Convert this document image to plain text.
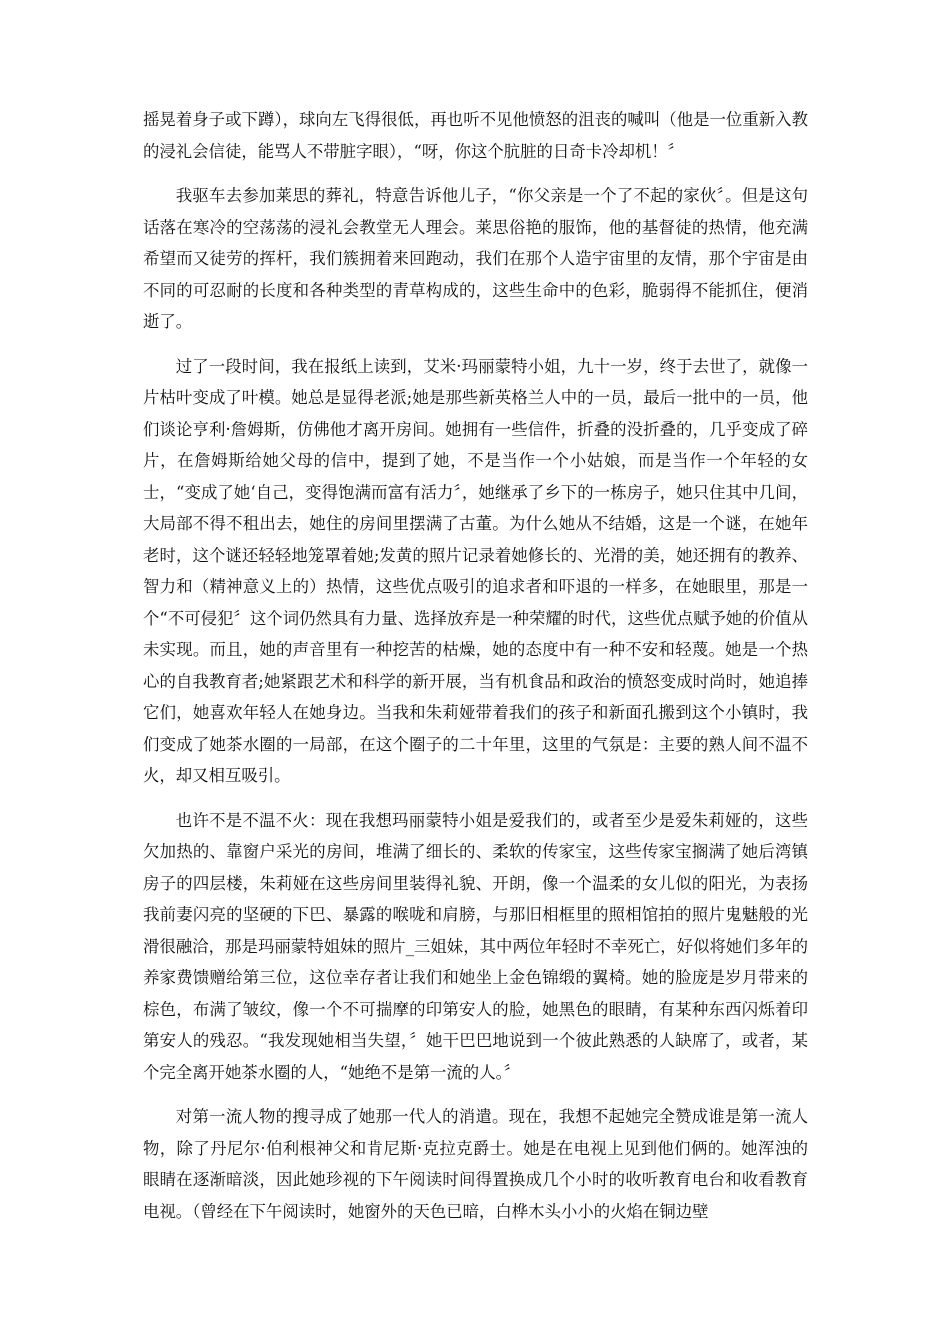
摇晃着身子或下蹲），球向左飞得很低，再也听不见他愤怒的沮丧的喊叫（他是一位重新入教的浸礼会信徒，能骂人不带脏字眼），“呀，你这个肮脏的日奇卡冷却机！〞

我驱车去参加莱思的葬礼，特意告诉他儿子，“你父亲是一个了不起的家伙〞。但是这句话落在寒冷的空荡荡的浸礼会教堂无人理会。莱思俗艳的服饰，他的基督徒的热情，他充满希望而又徒劳的挥杆，我们簇拥着来回跑动，我们在那个人造宇宙里的友情，那个宇宙是由不同的可忍耐的长度和各种类型的青草构成的，这些生命中的色彩，脆弱得不能抓住，便消逝了。

过了一段时间，我在报纸上读到，艾米·玛丽蒙特小姐，九十一岁，终于去世了，就像一片枯叶变成了叶模。她总是显得老派;她是那些新英格兰人中的一员，最后一批中的一员，他们谈论亨利·詹姆斯，仿佛他才离开房间。她拥有一些信件，折叠的没折叠的，几乎变成了碎片，在詹姆斯给她父母的信中，提到了她，不是当作一个小姑娘，而是当作一个年轻的女士，“变成了她‘自己，变得饱满而富有活力〞，她继承了乡下的一栋房子，她只住其中几间，大局部不得不租出去，她住的房间里摆满了古董。为什么她从不结婚，这是一个谜，在她年老时，这个谜还轻轻地笼罩着她;发黄的照片记录着她修长的、光滑的美，她还拥有的教养、智力和（精神意义上的）热情，这些优点吸引的追求者和吓退的一样多，在她眼里，那是一个“不可侵犯〞这个词仍然具有力量、选择放弃是一种荣耀的时代，这些优点赋予她的价值从未实现。而且，她的声音里有一种挖苦的枯燥，她的态度中有一种不安和轻蔑。她是一个热心的自我教育者;她紧跟艺术和科学的新开展，当有机食品和政治的愤怒变成时尚时，她追捧它们，她喜欢年轻人在她身边。当我和朱莉娅带着我们的孩子和新面孔搬到这个小镇时，我们变成了她茶水圈的一局部，在这个圈子的二十年里，这里的气氛是：主要的熟人间不温不火，却又相互吸引。

也许不是不温不火：现在我想玛丽蒙特小姐是爱我们的，或者至少是爱朱莉娅的，这些欠加热的、靠窗户采光的房间，堆满了细长的、柔软的传家宝，这些传家宝搁满了她后湾镇房子的四层楼，朱莉娅在这些房间里装得礼貌、开朗，像一个温柔的女儿似的阳光，为表扬我前妻闪亮的坚硬的下巴、暴露的喉咙和肩膀，与那旧相框里的照相馆拍的照片鬼魅般的光滑很融洽，那是玛丽蒙特姐妹的照片_三姐妹，其中两位年轻时不幸死亡，好似将她们多年的养家费馈赠给第三位，这位幸存者让我们和她坐上金色锦缎的翼椅。她的脸庞是岁月带来的棕色，布满了皱纹，像一个不可揣摩的印第安人的脸，她黑色的眼睛，有某种东西闪烁着印第安人的残忍。“我发现她相当失望，〞她干巴巴地说到一个彼此熟悉的人缺席了，或者，某个完全离开她茶水圈的人，“她绝不是第一流的人。〞

对第一流人物的搜寻成了她那一代人的消遣。现在，我想不起她完全赞成谁是第一流人物，除了丹尼尔·伯利根神父和肯尼斯·克拉克爵士。她是在电视上见到他们俩的。她浑浊的眼睛在逐渐暗淡，因此她珍视的下午阅读时间得置换成几个小时的收听教育电台和收看教育电视。（曾经在下午阅读时，她窗外的天色已暗，白桦木头小小的火焰在铜边壁
